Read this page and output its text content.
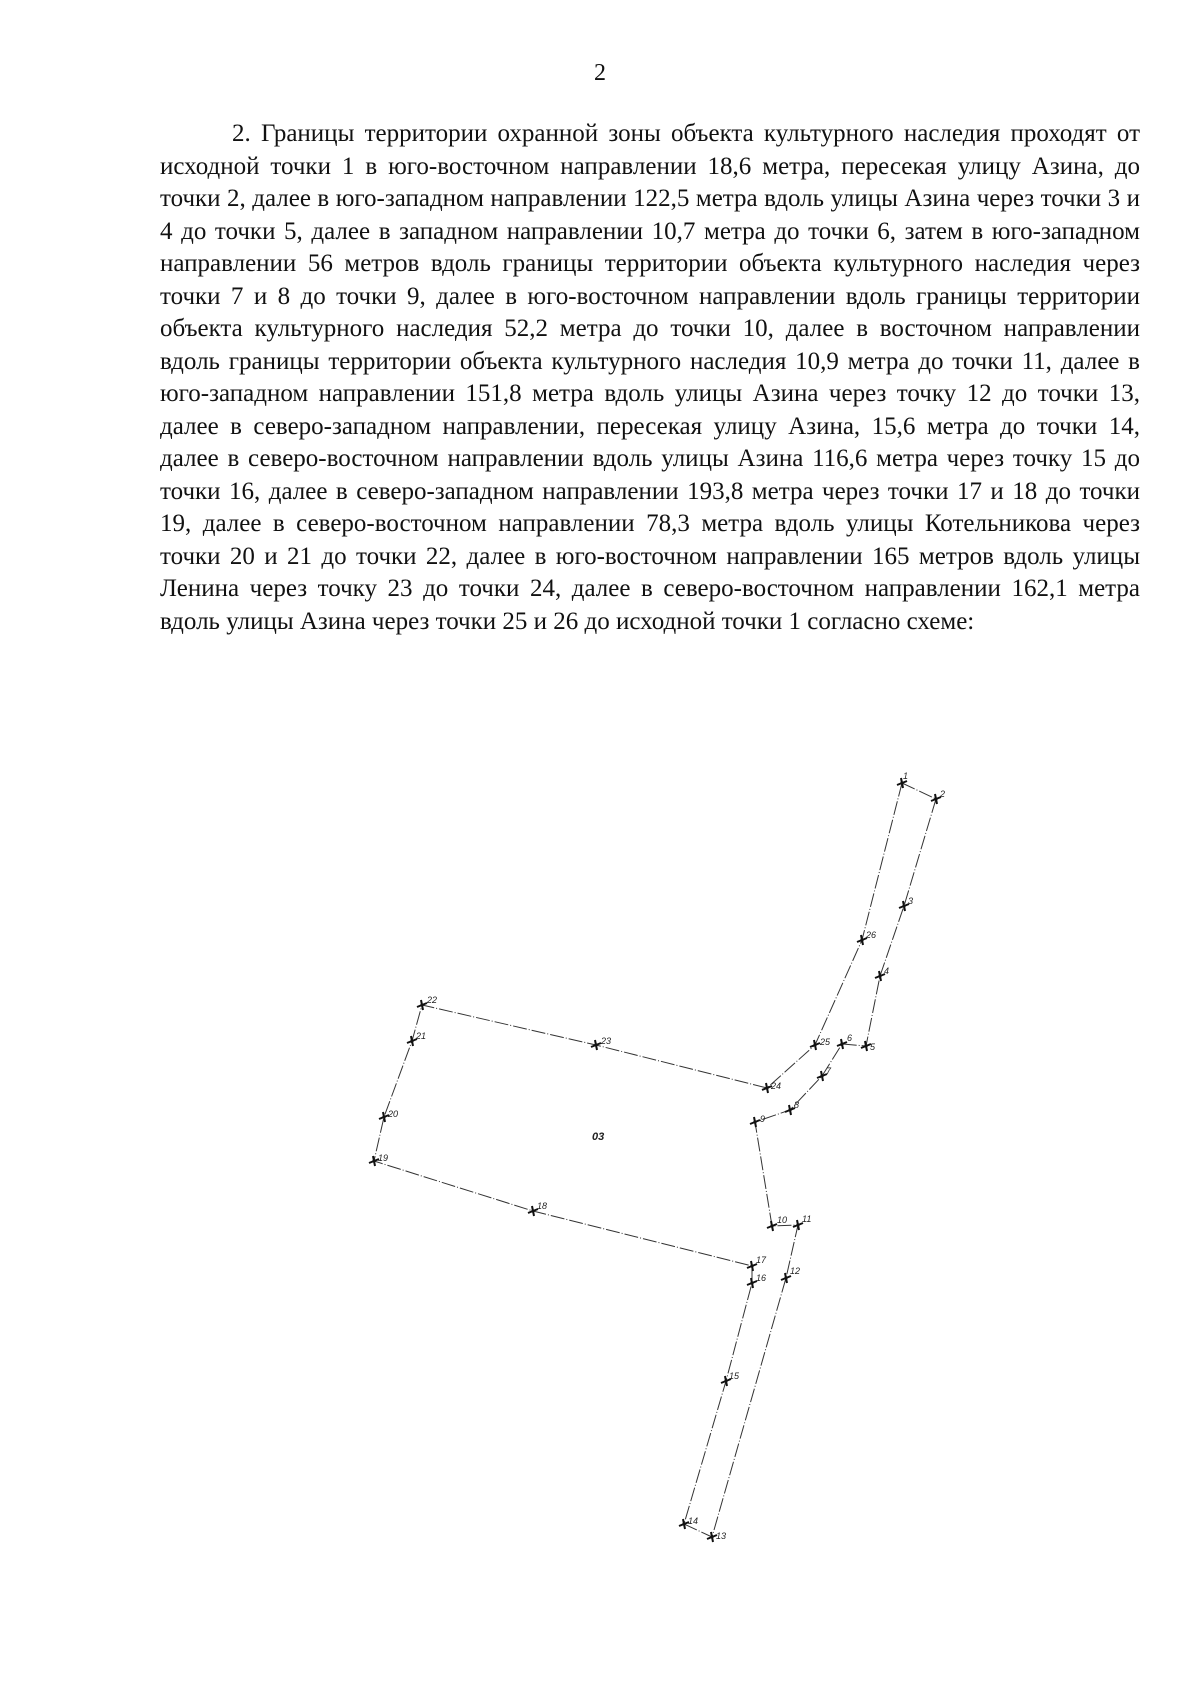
2

2. Границы территории охранной зоны объекта культурного наследия проходят от исходной точки 1 в юго-восточном направлении 18,6 метра, пересекая улицу Азина, до точки 2, далее в юго-западном направлении 122,5 метра вдоль улицы Азина через точки 3 и 4 до точки 5, далее в западном направлении 10,7 метра до точки 6, затем в юго-западном направлении 56 метров вдоль границы территории объекта культурного наследия через точки 7 и 8 до точки 9, далее в юго-восточном направлении вдоль границы территории объекта культурного наследия 52,2 метра до точки 10, далее в восточном направлении вдоль границы территории объекта культурного наследия 10,9 метра до точки 11, далее в юго-западном направлении 151,8 метра вдоль улицы Азина через точку 12 до точки 13, далее в северо-западном направлении, пересекая улицу Азина, 15,6 метра до точки 14, далее в северо-восточном направлении вдоль улицы Азина 116,6 метра через точку 15 до точки 16, далее в северо-западном направлении 193,8 метра через точки 17 и 18 до точки 19, далее в северо-восточном направлении 78,3 метра вдоль улицы Котельникова через точки 20 и 21 до точки 22, далее в юго-восточном направлении 165 метров вдоль улицы Ленина через точку 23 до точки 24, далее в северо-восточном направлении 162,1 метра вдоль улицы Азина через точки 25 и 26 до исходной точки 1 согласно схеме:

1
2
3
4
5
6
7
8
9
10 11
12
13
14
15
16
17
18
19
20
21
22
23
24
25
26
03
